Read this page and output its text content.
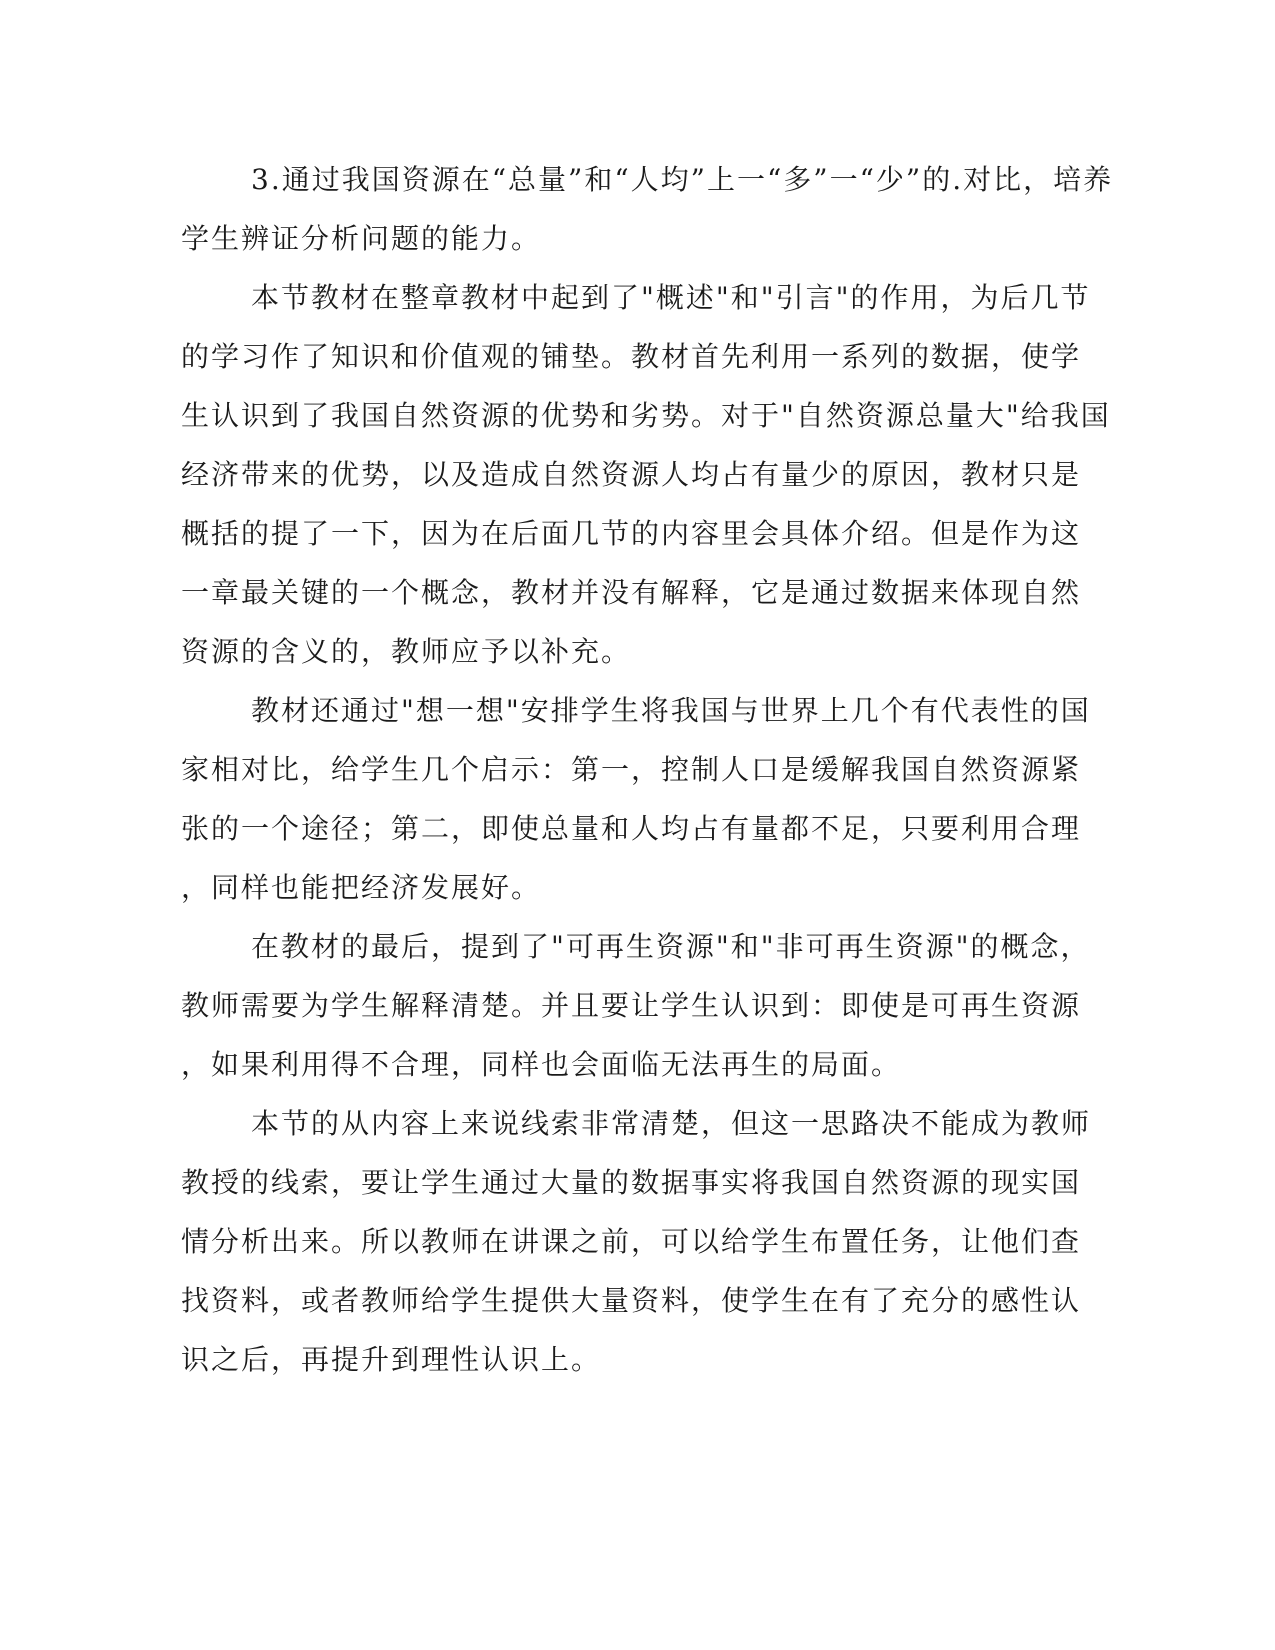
3.通过我国资源在“总量”和“人均”上一“多”一“少”的.对比，培养
学生辨证分析问题的能力。
本节教材在整章教材中起到了"概述"和"引言"的作用，为后几节
的学习作了知识和价值观的铺垫。教材首先利用一系列的数据，使学
生认识到了我国自然资源的优势和劣势。对于"自然资源总量大"给我国
经济带来的优势，以及造成自然资源人均占有量少的原因，教材只是
概括的提了一下，因为在后面几节的内容里会具体介绍。但是作为这
一章最关键的一个概念，教材并没有解释，它是通过数据来体现自然
资源的含义的，教师应予以补充。
教材还通过"想一想"安排学生将我国与世界上几个有代表性的国
家相对比，给学生几个启示：第一，控制人口是缓解我国自然资源紧
张的一个途径；第二，即使总量和人均占有量都不足，只要利用合理
，同样也能把经济发展好。
在教材的最后，提到了"可再生资源"和"非可再生资源"的概念，
教师需要为学生解释清楚。并且要让学生认识到：即使是可再生资源
，如果利用得不合理，同样也会面临无法再生的局面。
本节的从内容上来说线索非常清楚，但这一思路决不能成为教师
教授的线索，要让学生通过大量的数据事实将我国自然资源的现实国
情分析出来。所以教师在讲课之前，可以给学生布置任务，让他们查
找资料，或者教师给学生提供大量资料，使学生在有了充分的感性认
识之后，再提升到理性认识上。
